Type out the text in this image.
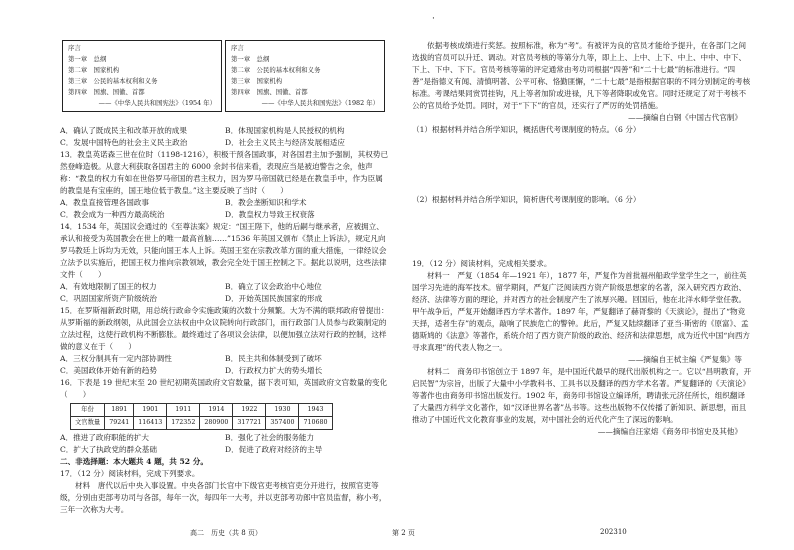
·
序言
第一章　总纲
第二章　国家机构
第三章　公民的基本权利和义务
第四章　国旗、国徽、首都
——《中华人民共和国宪法》（1954 年）
序言
第一章　总纲
第二章　公民的基本权利和义务
第三章　国家机构
第四章　国旗、国徽、首都
——《中华人民共和国宪法》（1982 年）
A．确认了既成民主和改革开放的成果	B．体现国家机构是人民授权的机构
C．发展中国特色的社会主义民主政治	D．社会主义民主与经济发展相适应

13．教皇英诺森三世在位时（1198-1216），积极干预各国政事，对各国君主加予强制，其权势已然登峰造极。从意大利获取各国君主的 6000 余封书信来看，表现应当是被迫警告之余，他声称：“教皇的权力有如在世俗罗马帝国的君主权力，因为罗马帝国就已经是在教皇手中，作为臣属的教皇是有宝座的，国王地位低于教皇。”这主要反映了当时（　　）

A．教皇直接管理各国政事	B．教会垄断知识和学术
C．教会成为一种西方最高统治	D．教皇权力导致王权衰落

14．1534 年，英国议会通过的《至尊法案》规定：“国王陛下，他的后嗣与继承者，应被拥立、承认和接受为英国教会在世上的唯一最高首脑……”1536 年英国又颁布《禁止上诉法》，规定凡向罗马教廷上诉均为无效，只能向国王本人上诉。英国王室在宗教改革方面的重大措施，一律经议会立法予以实施后，把国王权力推向宗教领域，教会完全处于国王控制之下。据此以说明，这些法律文件（　　）

A．有效地限制了国王的权力	B．确立了议会政治中心地位
C．巩固国家所资产阶级统治	D．开始英国民族国家的形成

15．在罗斯福新政时期，用总统行政命令实施政策的次数十分频繁。大为不满的联邦政府曾提出：从罗斯福的新政纲领，从此国会立法权由中众议院转向行政部门，而行政部门人员参与政策制定的立法过程，这使行政机构不断膨胀。最终通过了各项议会法律，以便加强立法对行政的控制，这样做的意义在于（　　）

A．三权分制具有一定内部协调性	B．民主共和体制受到了破坏
C．美国政体开始有新的趋势	D．行政权力扩大的势头增长

16．下表是 19 世纪末至 20 世纪初期英国政府文官数量，据下表可知，英国政府文官数量的变化（　　）

年份	1891	1901	1911	1914	1922	1930	1943
文官数量	79241	116413	172352	280900	317721	357400	710680
A．推进了政府职能的扩大	B．强化了社会的服务能力
C．扩大了执政党的群众基础	D．促进了政府对经济的主导

二、非选择题：本大题共 4 题，共 52 分。

17．（12 分）阅读材料，完成下列要求。

材料　唐代以后中央入事设置。中央各部门长官中下级官吏考核官吏分开进行，按照官吏等级，分别由吏部考功司与各部，每年一次，每四年一大考，并以吏部考功郎中官员监督，称小考，三年一次称为大考。

高二　历史（共 8 页）	第 2 页

依据考核成绩进行奖惩。按照标准，称为“考”。有被评为良的官员才能给予提升，在各部门之间选拔的官员可以升迁、调动。对官员考核的等第分九等，即上上、上中、上下、中上、中中、中下、下上、下中、下下。官员考核等第的评定通常由考功司根据“四善”和“二十七最”的标准进行。“四善”是指德义有闻、清慎明著、公平可称、恪勤匪懈，“二十七最”是指根据官职的不同分别制定的考核标准。考课结果同赏罚挂钩，凡上等者加阶或进禄，凡下等者降职或免官。同时还规定了对于考核不公的官员给予处罚。同时，对于“下下”的官员，还实行了严厉的处罚措施。

——摘编自白钢《中国古代官制》

（1）根据材料并结合所学知识，概括唐代考课制度的特点。（6 分）

（2）根据材料并结合所学知识，简析唐代考课制度的影响。（6 分）

19．（12 分）阅读材料，完成相关要求。

材料一　严复（1854 年—1921 年），1877 年，严复作为首批福州船政学堂学生之一，前往英国学习先进的海军技术。留学期间，严复广泛阅读西方资产阶级思想家的名著，深入研究西方政治、经济、法律等方面的理论，并对西方的社会制度产生了浓厚兴趣。回国后，他在北洋水师学堂任教。甲午战争后，严复开始翻译西方学术著作。1897 年，严复翻译了赫胥黎的《天演论》，提出了“物竞天择，适者生存”的观点，敲响了民族危亡的警钟。此后，严复又陆续翻译了亚当·斯密的《原富》、孟德斯鸠的《法意》等著作，系统介绍了西方资产阶级的政治、经济和法律思想，成为近代中国“向西方寻求真理”的代表人物之一。

——摘编自王栻主编《严复集》等

材料二　商务印书馆创立于 1897 年，是中国近代最早的现代出版机构之一。它以“昌明教育，开启民智”为宗旨，出版了大量中小学教科书、工具书以及翻译的西方学术名著。严复翻译的《天演论》等著作也由商务印书馆出版发行。1902 年，商务印书馆设立编译所，聘请张元济任所长，组织翻译了大量西方科学文化著作，如“汉译世界名著”丛书等。这些出版物不仅传播了新知识、新思想，而且推动了中国近代文化教育事业的发展，对中国社会的近代化产生了深远的影响。

——摘编自汪家熔《商务印书馆史及其他》

202310
